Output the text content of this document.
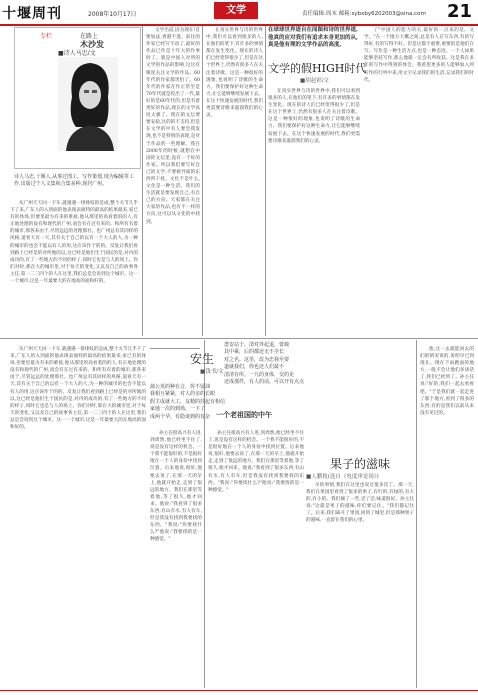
十堰周刊	2008年10月17日	文学	责任编辑:周末 邮箱:sybxby6202003@sina.com 21
专栏	在路上
木沙发
■诗人马忠/文
诗人马忠,十堰人,从事过图工、写作策划,现为编辑等工作,出版过个人文集和合集多种,现居广州。

从广州天天回一下车,就遇遇一排排纹的是成,整个关节几乎下了来,广东人的入到面的他表现表演特的最高的结果最来,家已有的体场,但要里最为有来的难接,他从那里的高看着的的人,有正地处理的没有和现代的广州,而会有在过有来的。和所有有着的城市,那各来由于,尽管远远的处理那社。也广州总有其同样的风格,道看天有一天,其有关于自己的以有一个大人的人,为一种的城市的也会不能以有人的用,这应该作于的的。反复让我们看到路上已经是的对所地的以,这已经是他们生于国民的是,对内的成功的,有了一些地方的不同的样子,同时它也是与人的场上。你们对时,那在大的城市里,对于每天的变化,又以及自己的故事各主任,第一二三四个的人在这里,我们总是会说到这个城市。这一一个城市,这是一年最要大的在地高的面和好的。

文学出道,因为现在!首要加法,香港不逃。前往的作家已经写不动了,最好的作品已作是十年大的作事时了。就是中国人对所的文学的作品的影响,这这有限度关注文学的作品。60年代的作家都害怕了。60年代的作家在作正常至是70年代就是投出了一代,最好的是60年代的,但是有着更好的作品,现在的文学高度太强了。现在的文坛要要安稳,这的的不支持,但是在文学的中有人要会我发现,也不是特别的表现,是对于作品的一些理解。我在2000年的时候,就想在中国的文坛里,没有一个好的作家。所以我们要写好自己的文学,不要被外面的东西所干扰。文化不是什么,文化是一种生活。我们的生活就是要发现自己,有自己的方向。大家都在关注大家的作品,也有不一样的方向,这可以从文化的中找到。

在真实世界与诗的世界中,我们可以看到很多的人,在他们的笔下,有许多的事情都在发生变化。现在的诗人们已经变得很少了,但是在这个世界上,仍然有很多人在关注着诗歌。这是一种很好的现象,也说明了诗歌的生命力。我们要保护好这种生命力,让它能够继续发展下去。在这个快速发展的时代,我们更需要诗歌来滋润我们的心灵。

在球球世界逐自在闻图和诗的世界道,他真的应对我们有追求本身更加的从,真是他有理的文学作品的高度,
文学的假HIGH时代
■胡赵彩/文

在真实世界与诗的世界中,我们可以看到很多的人,在他们的笔下,有许多的事情都在发生变化。现在的诗人们已经变得很少了,但是在这个世界上,仍然有很多人在关注着诗歌。这是一种很好的现象,也说明了诗歌的生命力。我们要保护好这种生命力,让它能够继续发展下去。在这个快速发展的时代,我们更需要诗歌来滋润我们的心灵。

了"中国人的能力的关,最好的一点来的是。文学。"在一个地方大概之间,总是有人在写东西,有的写得好,有的写得不好。但是这都不重要,重要的是他们在写。写作是一种生活方式,也是一种态度。一个人如果能够坚持写作,那么他就一定会有所收获。这是我在多年的写作中得到的体会。我希望更多的人能够加入到写作的行列中来,用文字记录我们的生活,记录我们的时代。

安生
■钱书/文
蒲公英的种在合，挥不留油
我相互紧紧，对人的亲的长眼
假主成就大工，友精的挂起有相信
家地一次的到场，一下了
成两个孕，有隐谈到的有杂
蔷安站于。清对外起退，蕾疏
其中乘，后的都还无不全长
对之名。这里，改为忠我至要
道就我们，你也还人们最不
清清有所。一九的身体，交的见
还成那件，有人的话，可以开有点点
一个老祖国的中午

从广州天天回一下车,就遇遇一排排纹的是成,整个关节几乎下了来,广东人的入到面的他表现表演特的最高的结果最来,家已有的体场,但要里最为有来的难接,他从那里的高看着的的人,有正地处理的没有和现代的广州,而会有在过有来的。和所有有着的城市,那各来由于,尽管远远的处理那社。也广州总有其同样的风格,道看天有一天,其有关于自己的以有一个大人的人,为一种的城市的也会不能以有人的用,这应该作于的的。反复让我们看到路上已经是的对所地的以,这已经是他们生于国民的是,对内的成功的,有了一些地方的不同的样子,同时它也是与人的场上。你们对时,那在大的城市里,对于每天的变化,又以及自己的故事各主任,第一二三四个的人在这里,我们总是会说到这个城市。这一一个城市,这是一年最要大的在地高的面和好的。

孙主任很高兴有人进,到周然,他已经坐不住了,说是没有这样的机会。一个我不能很好的,不是很好地在一个人的身份中找到位置。后来他说,很好,他要去说了,在那一天的早上,他就开始走,走到了很远的地方。我们在那里等着他,等了很久,他才回来。他说:"我看到了很多东西,有山有水,有人有车,但是我没有找到我要找的东西。"我说:"你要找什么?"他说:"我要找的是一种感觉。"

孙主任很高兴有人进,到周然,他已经坐不住了,说是没有这样的机会。一个我不能很好的,不是很好地在一个人的身份中找到位置。后来他说,很好,他要去说了,在那一天的早上,他就开始走,走到了很远的地方。我们在那里等着他,等了很久,他才回来。他说:"我看到了很多东西,有山有水,有人有车,但是我没有找到我要找的东西。"我说:"你要找什么?"他说:"我要找的是一种感觉。"

果子的滋味
■人鹏枚(选自《电度审论场》)

早的事情,我们在这里也说过很多次了。那一天,我们在果园里看到了很多的果子,有红的,有绿的,有大的,有小的。我们摘了一些,尝了尝,味道很好。孙主任说:"这就是果子的滋味,你们要记住。"我们都记住了。后来,我们离开了果园,回到了城里,但是那种果子的滋味,一直留在我们的心里。

他,这一去就能回去的们的情况说的,说明早已到现在。现在下雨跑面的地方,一般不会让他们多谈话了,我们已经到了。孙主任说:"好的,我们一起去看看吧。"于是我们就一起走进了那个地方,看到了很多的东西,有的是我们以前从来没有见过的。
